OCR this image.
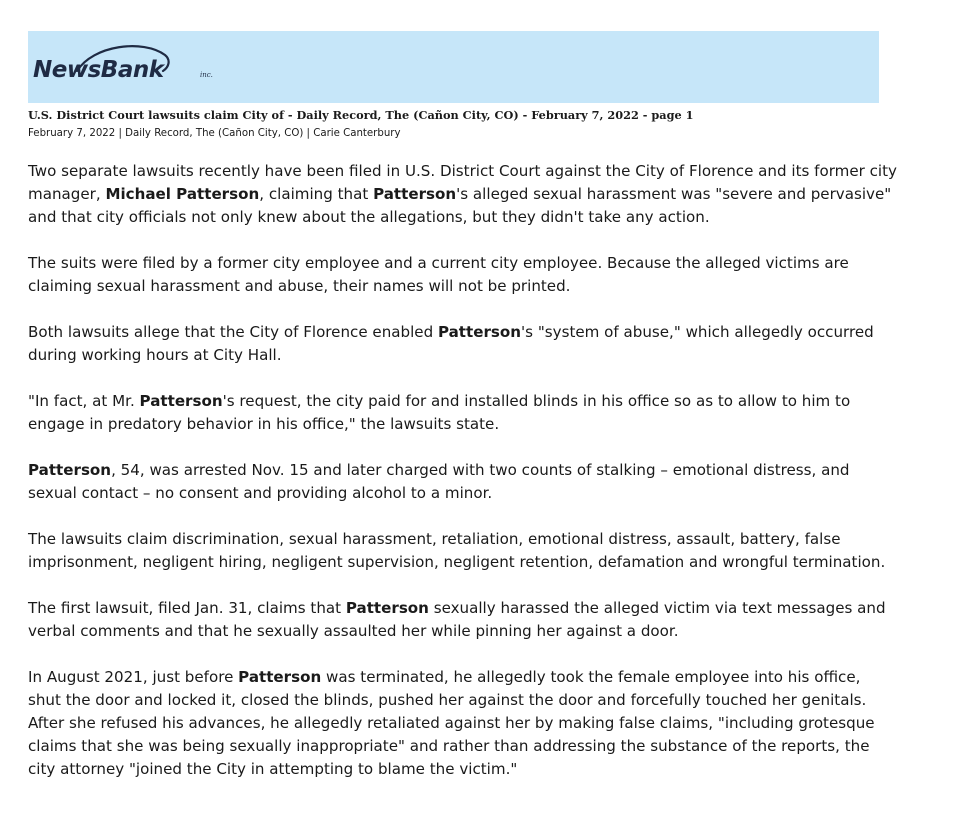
NewsBank	inc.
U.S. District Court lawsuits claim City of - Daily Record, The (Cañon City, CO) - February 7, 2022 - page 1
February 7, 2022 | Daily Record, The (Cañon City, CO) | Carie Canterbury

Two separate lawsuits recently have been filed in U.S. District Court against the City of Florence and its former city manager, Michael Patterson, claiming that Patterson's alleged sexual harassment was "severe and pervasive" and that city officials not only knew about the allegations, but they didn't take any action.

The suits were filed by a former city employee and a current city employee. Because the alleged victims are claiming sexual harassment and abuse, their names will not be printed.

Both lawsuits allege that the City of Florence enabled Patterson's "system of abuse," which allegedly occurred during working hours at City Hall.

"In fact, at Mr. Patterson's request, the city paid for and installed blinds in his office so as to allow to him to engage in predatory behavior in his office," the lawsuits state.

Patterson, 54, was arrested Nov. 15 and later charged with two counts of stalking – emotional distress, and sexual contact – no consent and providing alcohol to a minor.

The lawsuits claim discrimination, sexual harassment, retaliation, emotional distress, assault, battery, false imprisonment, negligent hiring, negligent supervision, negligent retention, defamation and wrongful termination.

The first lawsuit, filed Jan. 31, claims that Patterson sexually harassed the alleged victim via text messages and verbal comments and that he sexually assaulted her while pinning her against a door.

In August 2021, just before Patterson was terminated, he allegedly took the female employee into his office, shut the door and locked it, closed the blinds, pushed her against the door and forcefully touched her genitals. After she refused his advances, he allegedly retaliated against her by making false claims, "including grotesque claims that she was being sexually inappropriate" and rather than addressing the substance of the reports, the city attorney "joined the City in attempting to blame the victim."
